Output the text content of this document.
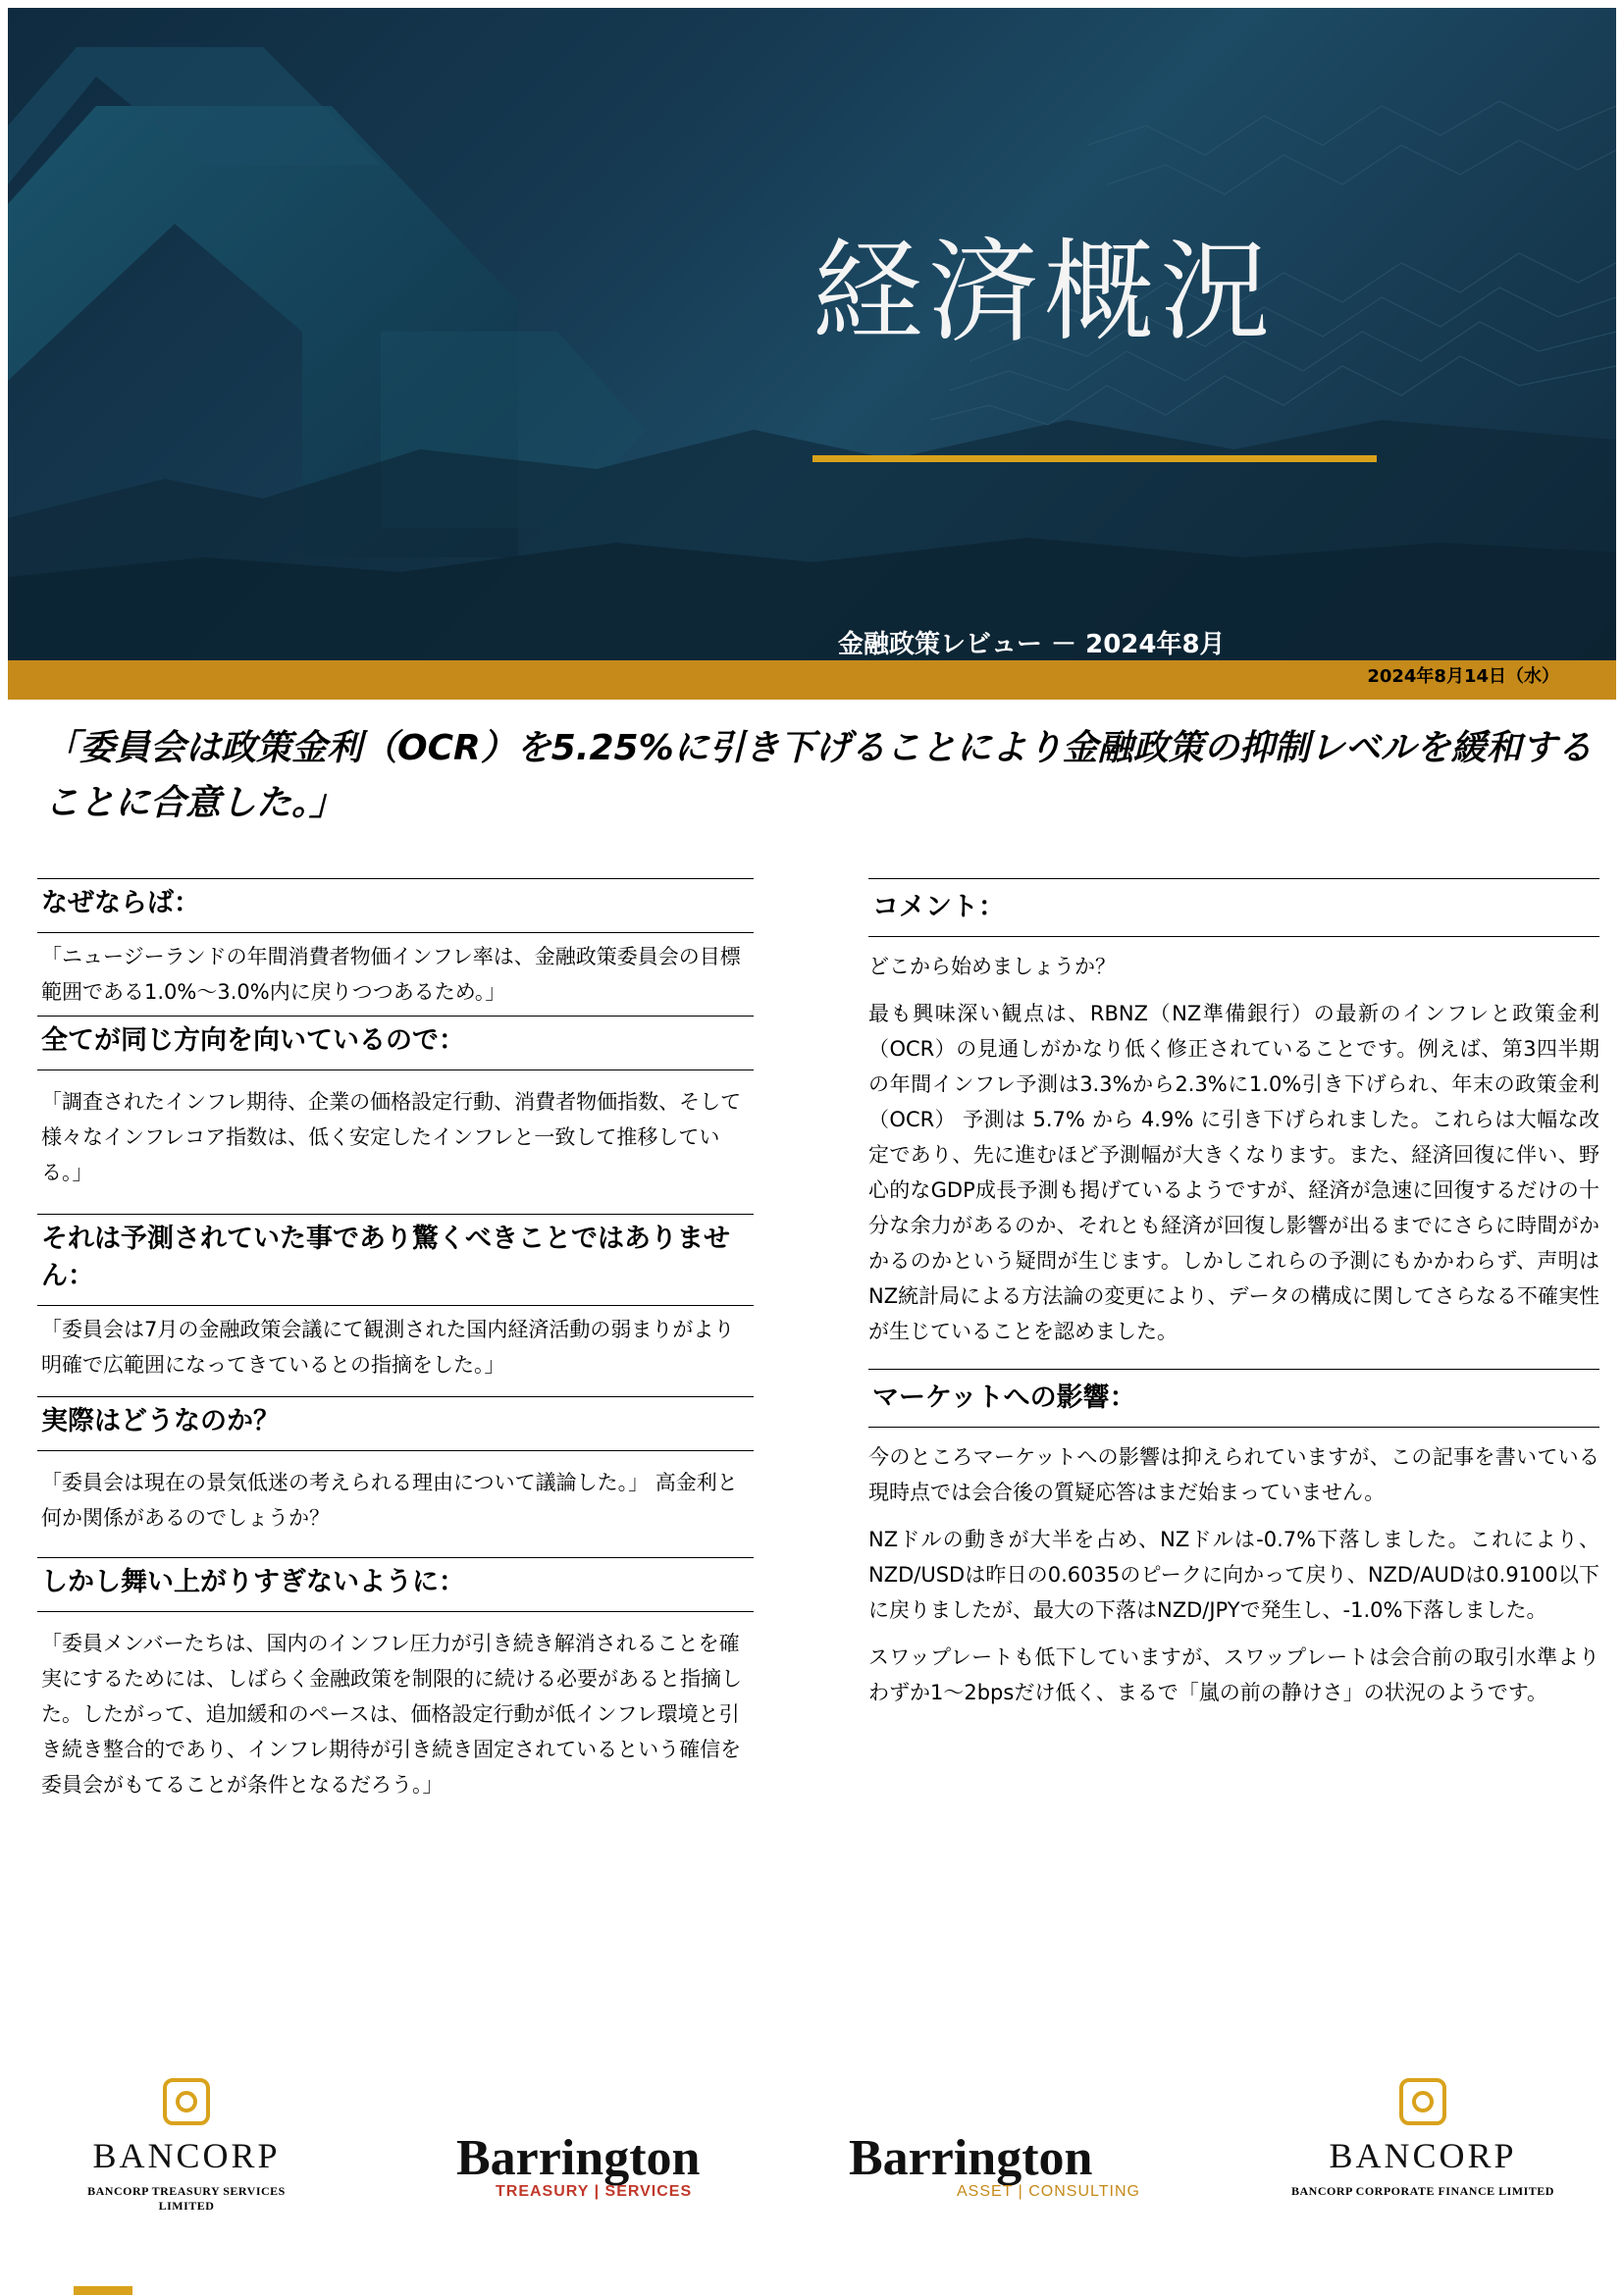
経済概況
金融政策レビュー － 2024年8月
2024年8月14日（水）
「委員会は政策金利（OCR）を5.25%に引き下げることにより金融政策の抑制レベルを緩和することに合意した。」
なぜならば：
「ニュージーランドの年間消費者物価インフレ率は、金融政策委員会の目標範囲である1.0%～3.0%内に戻りつつあるため。」
全てが同じ方向を向いているので：
「調査されたインフレ期待、企業の価格設定行動、消費者物価指数、そして様々なインフレコア指数は、低く安定したインフレと一致して推移している。」
それは予測されていた事であり驚くべきことではありません：
「委員会は7月の金融政策会議にて観測された国内経済活動の弱まりがより明確で広範囲になってきているとの指摘をした。」
実際はどうなのか？
「委員会は現在の景気低迷の考えられる理由について議論した。」 高金利と何か関係があるのでしょうか？
しかし舞い上がりすぎないように：
「委員メンバーたちは、国内のインフレ圧力が引き続き解消されることを確実にするためには、しばらく金融政策を制限的に続ける必要があると指摘した。したがって、追加緩和のペースは、価格設定行動が低インフレ環境と引き続き整合的であり、インフレ期待が引き続き固定されているという確信を委員会がもてることが条件となるだろう。」
コメント：
どこから始めましょうか？
最も興味深い観点は、RBNZ（NZ準備銀行）の最新のインフレと政策金利（OCR）の見通しがかなり低く修正されていることです。例えば、第3四半期の年間インフレ予測は3.3%から2.3%に1.0%引き下げられ、年末の政策金利（OCR） 予測は 5.7% から 4.9% に引き下げられました。これらは大幅な改定であり、先に進むほど予測幅が大きくなります。また、経済回復に伴い、野心的なGDP成長予測も掲げているようですが、経済が急速に回復するだけの十分な余力があるのか、それとも経済が回復し影響が出るまでにさらに時間がかかるのかという疑問が生じます。しかしこれらの予測にもかかわらず、声明はNZ統計局による方法論の変更により、データの構成に関してさらなる不確実性が生じていることを認めました。
マーケットへの影響：
今のところマーケットへの影響は抑えられていますが、この記事を書いている現時点では会合後の質疑応答はまだ始まっていません。
NZドルの動きが大半を占め、NZドルは-0.7%下落しました。これにより、NZD/USDは昨日の0.6035のピークに向かって戻り、NZD/AUDは0.9100以下に戻りましたが、最大の下落はNZD/JPYで発生し、-1.0%下落しました。
スワップレートも低下していますが、スワップレートは会合前の取引水準よりわずか1～2bpsだけ低く、まるで「嵐の前の静けさ」の状況のようです。
BANCORP
BANCORP TREASURY SERVICES LIMITED
Barrington
TREASURY | SERVICES
Barrington
ASSET | CONSULTING
BANCORP
BANCORP CORPORATE FINANCE LIMITED
